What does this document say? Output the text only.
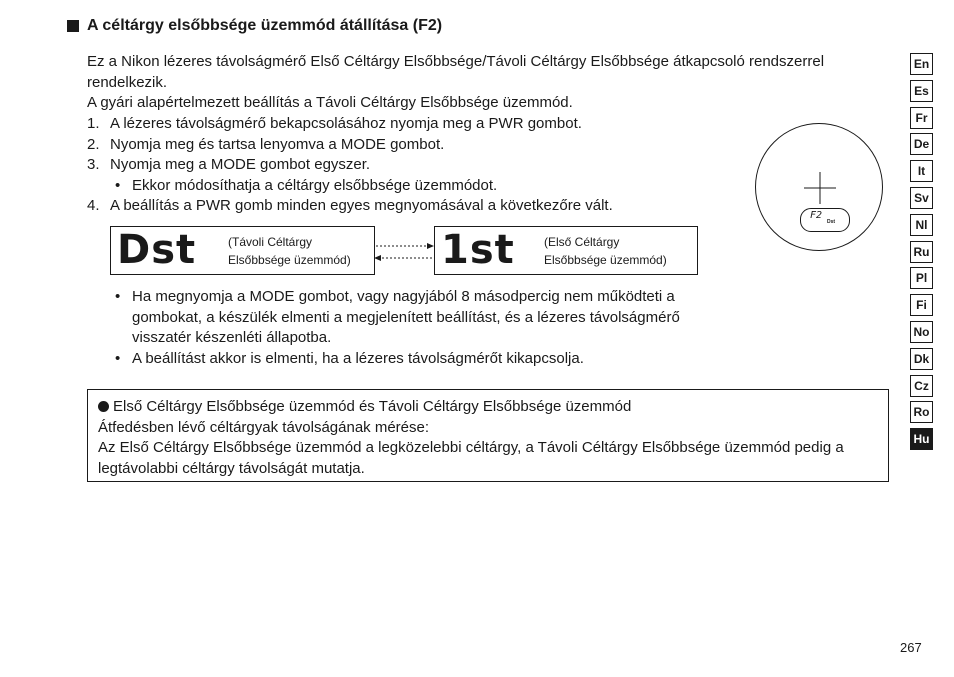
A céltárgy elsőbbsége üzemmód átállítása (F2)

Ez a Nikon lézeres távolságmérő Első Céltárgy Elsőbbsége/Távoli Céltárgy Elsőbbsége átkapcsoló rendszerrel rendelkezik.

A gyári alapértelmezett beállítás a Távoli Céltárgy Elsőbbsége üzemmód.

1. A lézeres távolságmérő bekapcsolásához nyomja meg a PWR gombot.
2. Nyomja meg és tartsa lenyomva a MODE gombot.
3. Nyomja meg a MODE gombot egyszer.
• Ekkor módosíthatja a céltárgy elsőbbsége üzemmódot.
4. A beállítás a PWR gomb minden egyes megnyomásával a következőre vált.
Dst	(Távoli Céltárgy
Elsőbbsége üzemmód) 1st (Első Céltárgy
Elsőbbsége üzemmód)
F2
Dst
• Ha megnyomja a MODE gombot, vagy nagyjából 8 másodpercig nem működteti a gombokat, a készülék elmenti a megjelenített beállítást, és a lézeres távolságmérő visszatér készenléti állapotba.
• A beállítást akkor is elmenti, ha a lézeres távolságmérőt kikapcsolja.

Első Céltárgy Elsőbbsége üzemmód és Távoli Céltárgy Elsőbbsége üzemmód

Átfedésben lévő céltárgyak távolságának mérése:

Az Első Céltárgy Elsőbbsége üzemmód a legközelebbi céltárgy, a Távoli Céltárgy Elsőbbsége üzemmód pedig a legtávolabbi céltárgy távolságát mutatja.

En
Es
Fr
De
It
Sv
Nl
Ru
Pl
Fi
No
Dk
Cz
Ro
Hu
267
